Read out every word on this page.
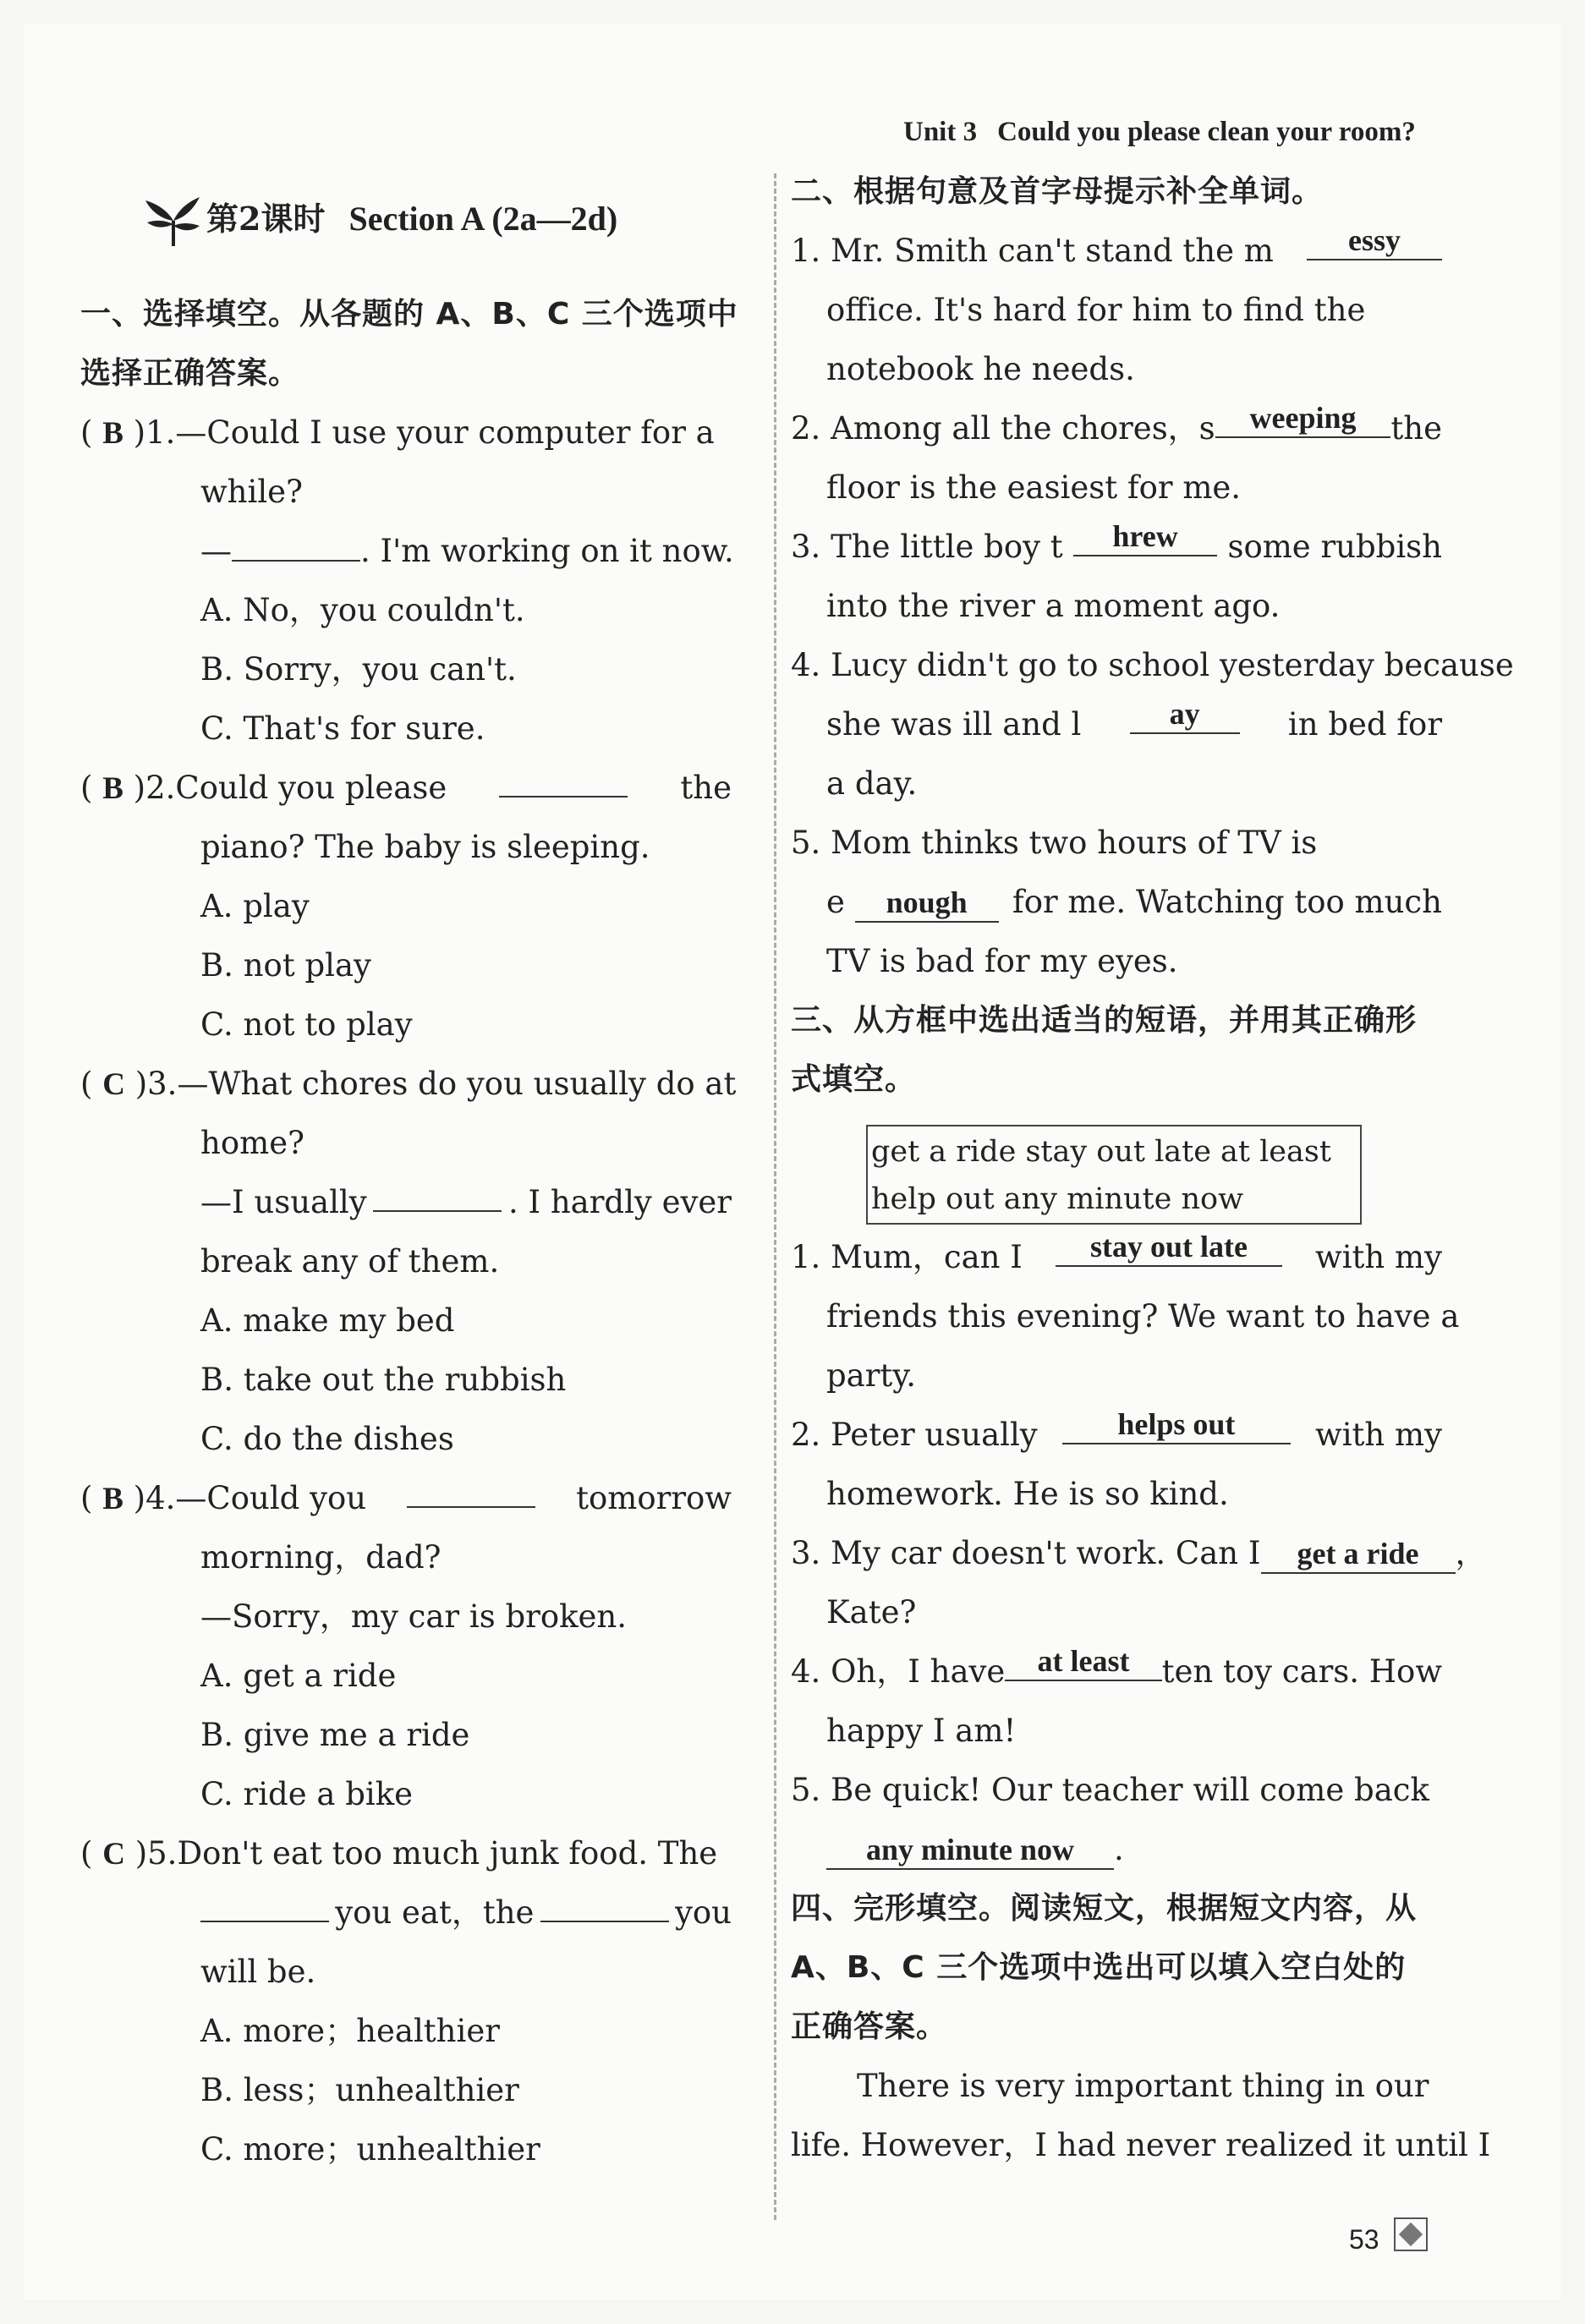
Unit 3 Could you please clean your room?
第2课时 Section A (2a—2d)
一、选择填空。从各题的 A、B、C 三个选项中
选择正确答案。
( B )1.—Could I use your computer for a
while?
—	. I'm working on it now.
A. No，you couldn't.
B. Sorry，you can't.
C. That's for sure.
( B )2.Could you please	the
piano? The baby is sleeping.
A. play
B. not play
C. not to play
( C )3.—What chores do you usually do at
home?
—I usually	. I hardly ever
break any of them.
A. make my bed
B. take out the rubbish
C. do the dishes
( B )4.—Could you	tomorrow
morning，dad?
—Sorry，my car is broken.
A. get a ride
B. give me a ride
C. ride a bike
( C )5.Don't eat too much junk food. The
you eat，the	you
will be.
A. more；healthier
B. less；unhealthier
C. more；unhealthier
二、根据句意及首字母提示补全单词。
1. Mr. Smith can't stand the m	essy
office. It's hard for him to find the
notebook he needs.
2. Among all the chores，s	weeping	the
floor is the easiest for me.
3. The little boy t	hrew	some rubbish
into the river a moment ago.
4. Lucy didn't go to school yesterday because
she was ill and l	ay	in bed for
a day.
5. Mom thinks two hours of TV is
e nough	for me. Watching too much
TV is bad for my eyes.
三、从方框中选出适当的短语，并用其正确形
式填空。
1. Mum，can I	stay out late	with my
friends this evening? We want to have a
party.
2. Peter usually	helps out	with my
homework. He is so kind.
3. My car doesn't work. Can I	get a ride ，
Kate?
4. Oh，I have	at least	ten toy cars. How
happy I am!
5. Be quick! Our teacher will come back
any minute now .
四、完形填空。阅读短文，根据短文内容，从
A、B、C 三个选项中选出可以填入空白处的
正确答案。
There is very important thing in our
life. However，I had never realized it until I
get a ride stay out late at least
help out any minute now
53
